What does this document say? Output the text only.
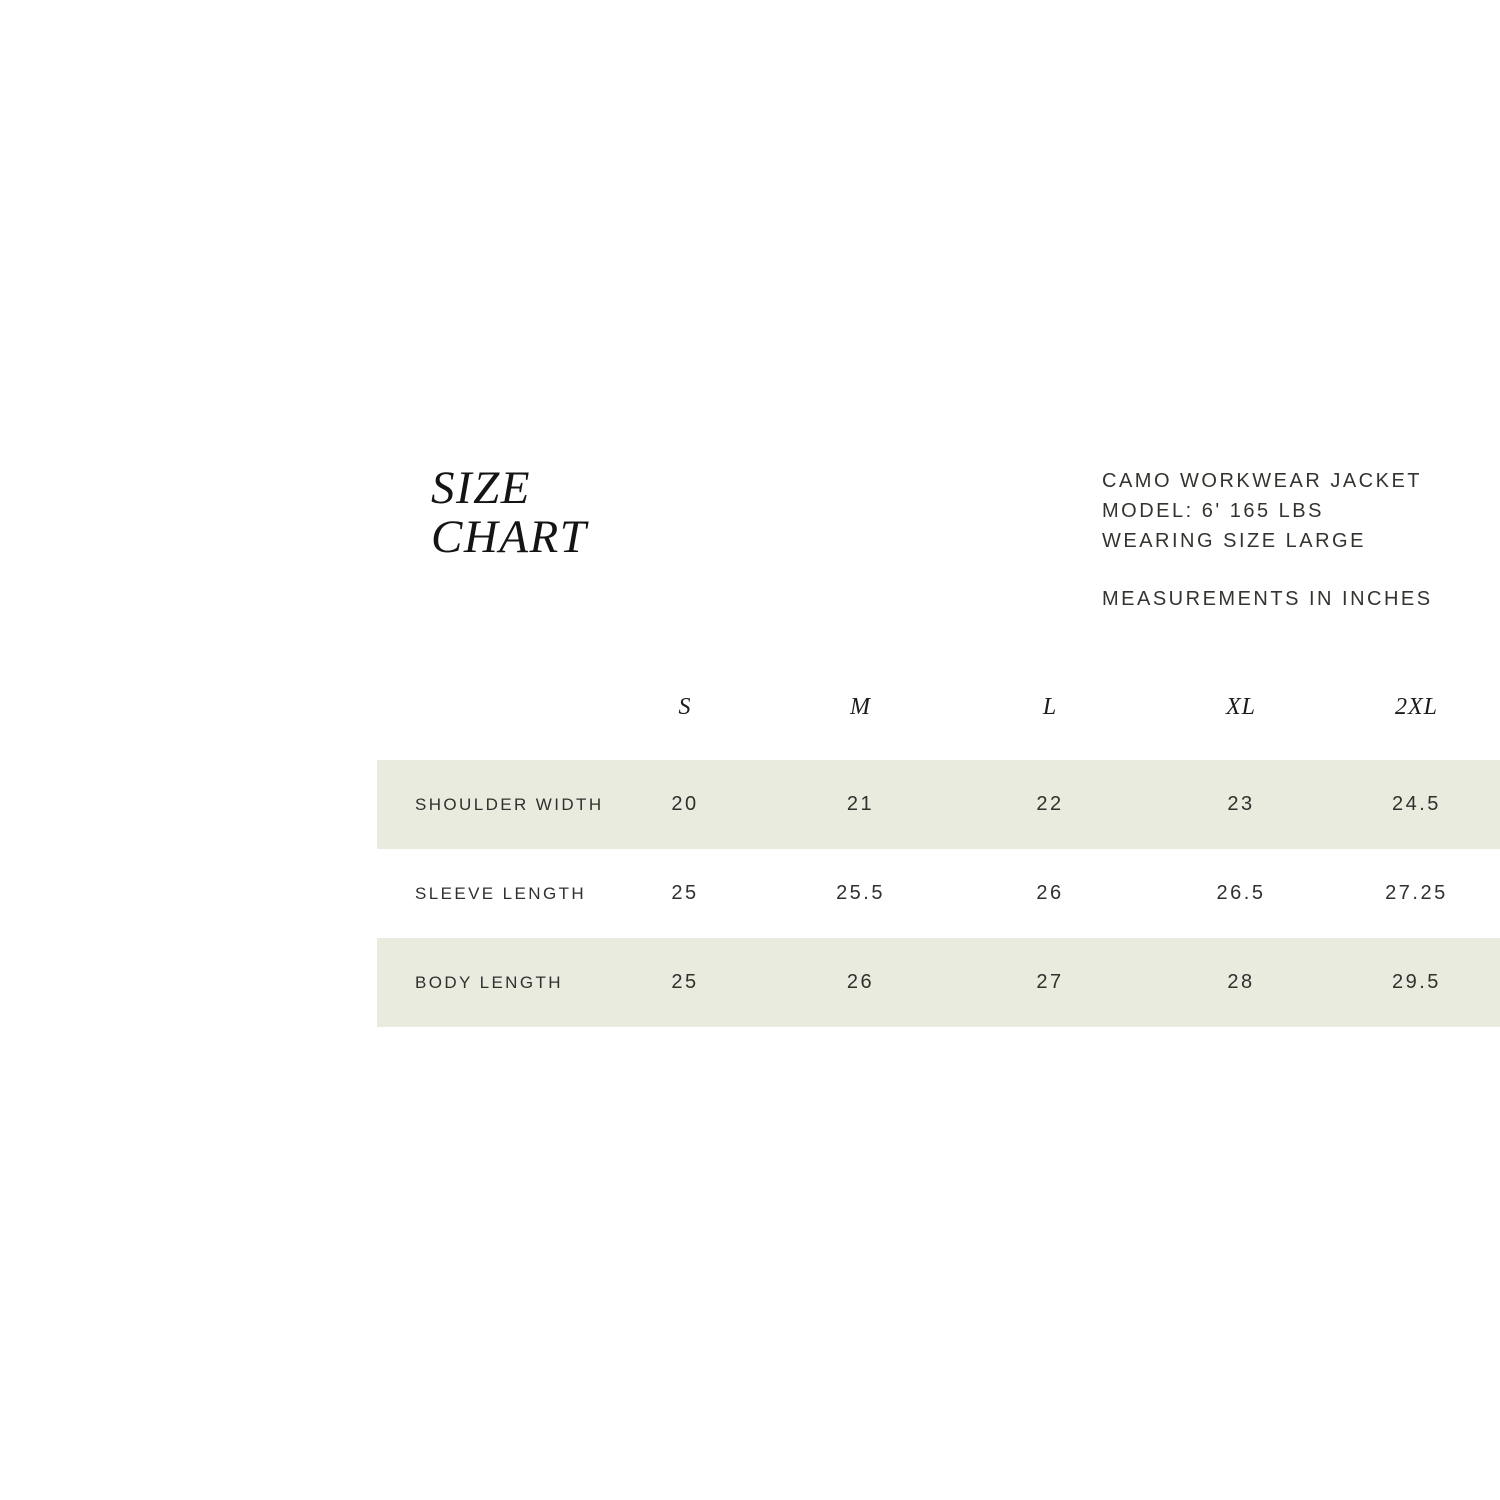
SIZE
CHART
CAMO WORKWEAR JACKET
MODEL: 6' 165 LBS
WEARING SIZE LARGE
MEASUREMENTS IN INCHES
S	M	L	XL	2XL
SHOULDER WIDTH	20	21	22	23	24.5
SLEEVE LENGTH	25	25.5	26	26.5	27.25
BODY LENGTH	25	26	27	28	29.5
